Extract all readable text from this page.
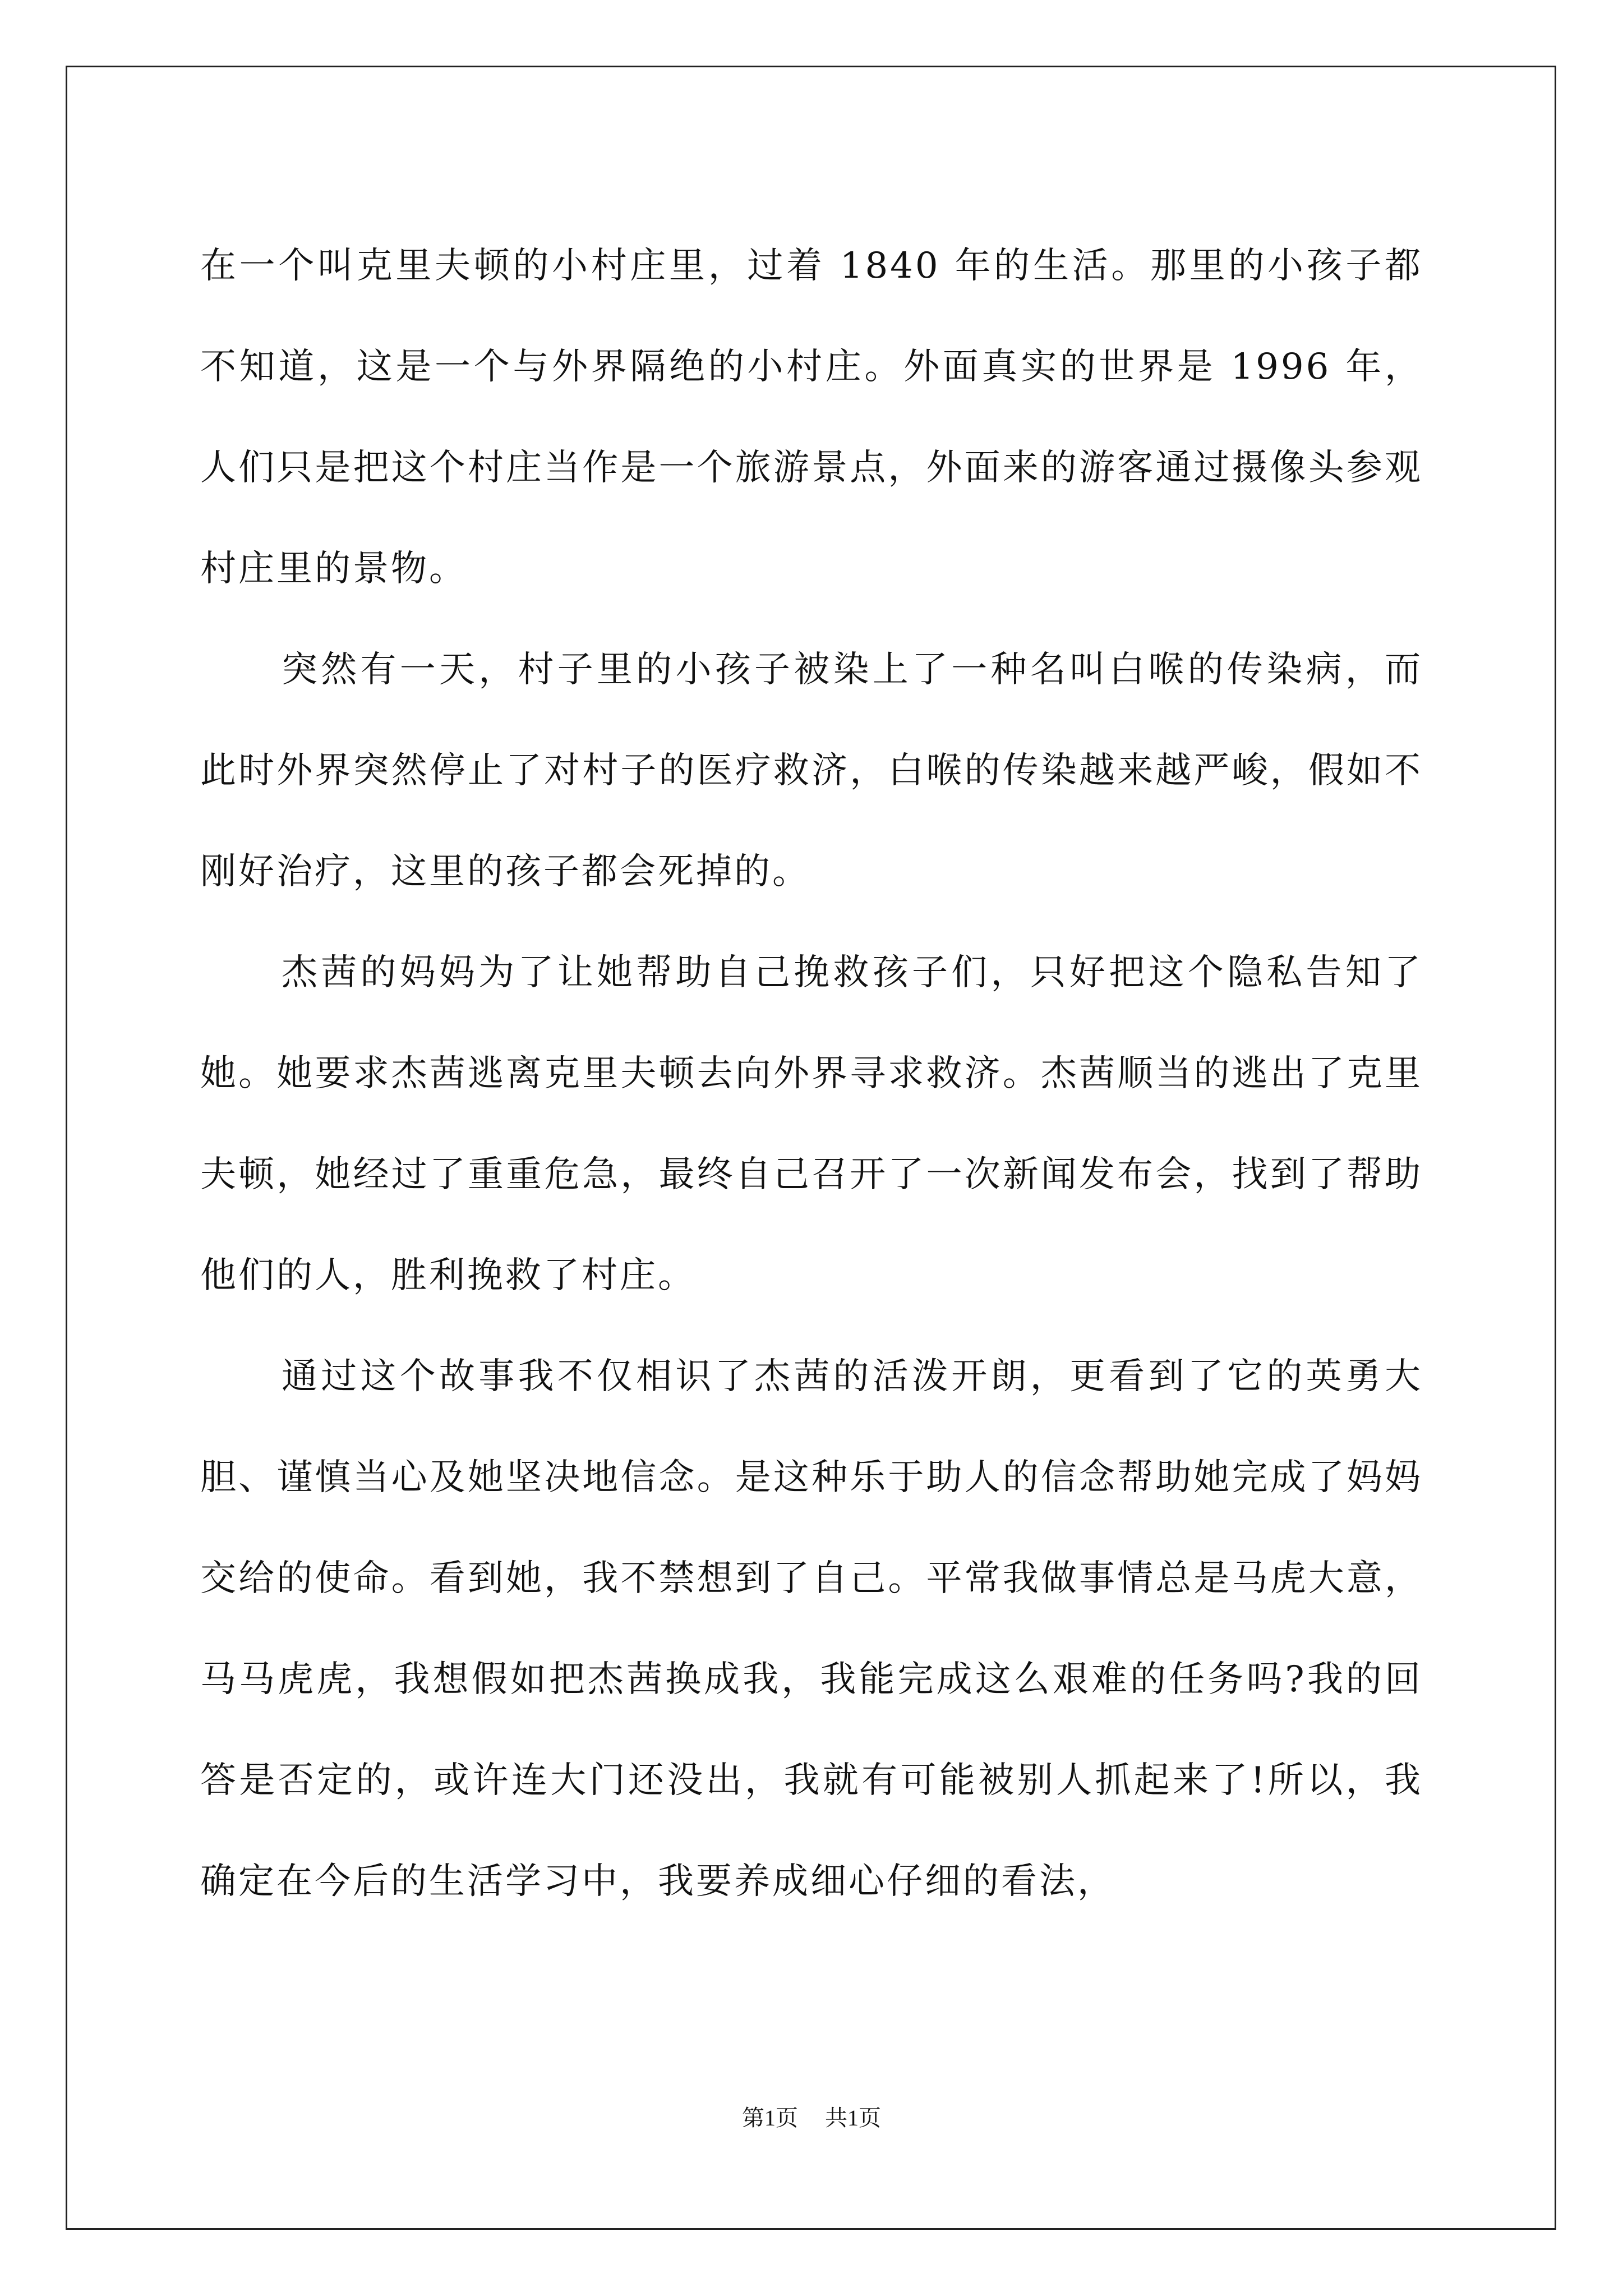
在一个叫克里夫顿的小村庄里，过着 1840 年的生活。那里的小孩子都不知道，这是一个与外界隔绝的小村庄。外面真实的世界是 1996 年，人们只是把这个村庄当作是一个旅游景点，外面来的游客通过摄像头参观村庄里的景物。

突然有一天，村子里的小孩子被染上了一种名叫白喉的传染病，而此时外界突然停止了对村子的医疗救济，白喉的传染越来越严峻，假如不刚好治疗，这里的孩子都会死掉的。

杰茜的妈妈为了让她帮助自己挽救孩子们，只好把这个隐私告知了她。她要求杰茜逃离克里夫顿去向外界寻求救济。杰茜顺当的逃出了克里夫顿，她经过了重重危急，最终自己召开了一次新闻发布会，找到了帮助他们的人，胜利挽救了村庄。

通过这个故事我不仅相识了杰茜的活泼开朗，更看到了它的英勇大胆、谨慎当心及她坚决地信念。是这种乐于助人的信念帮助她完成了妈妈交给的使命。看到她，我不禁想到了自己。平常我做事情总是马虎大意，马马虎虎，我想假如把杰茜换成我，我能完成这么艰难的任务吗?我的回答是否定的，或许连大门还没出，我就有可能被别人抓起来了!所以，我确定在今后的生活学习中，我要养成细心仔细的看法，

第1页 共1页
